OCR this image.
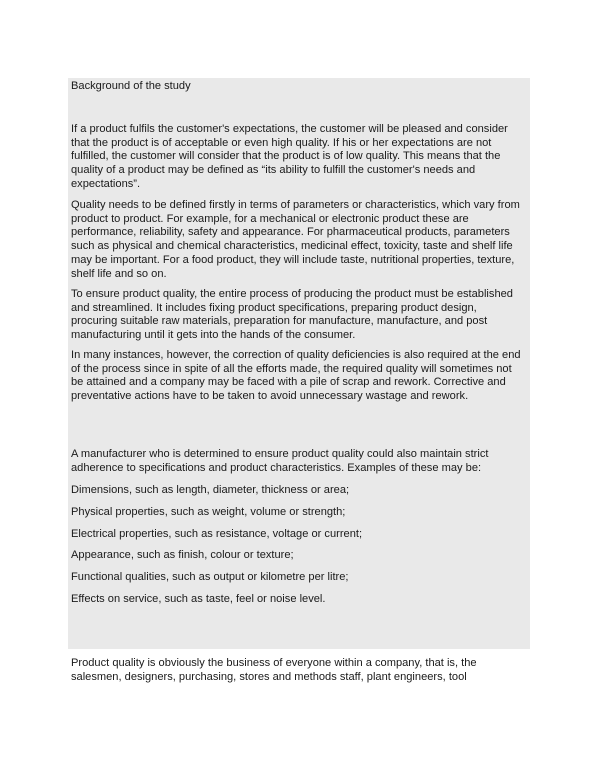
Background of the study

If a product fulfils the customer's expectations, the customer will be pleased and consider that the product is of acceptable or even high quality. If his or her expectations are not fulfilled, the customer will consider that the product is of low quality. This means that the quality of a product may be defined as “its ability to fulfill the customer's needs and expectations”.

Quality needs to be defined firstly in terms of parameters or characteristics, which vary from product to product. For example, for a mechanical or electronic product these are performance, reliability, safety and appearance. For pharmaceutical products, parameters such as physical and chemical characteristics, medicinal effect, toxicity, taste and shelf life may be important. For a food product, they will include taste, nutritional properties, texture, shelf life and so on.

To ensure product quality, the entire process of producing the product must be established and streamlined. It includes fixing product specifications, preparing product design, procuring suitable raw materials, preparation for manufacture, manufacture, and post manufacturing until it gets into the hands of the consumer.

In many instances, however, the correction of quality deficiencies is also required at the end of the process since in spite of all the efforts made, the required quality will sometimes not be attained and a company may be faced with a pile of scrap and rework. Corrective and preventative actions have to be taken to avoid unnecessary wastage and rework.

A manufacturer who is determined to ensure product quality could also maintain strict adherence to specifications and product characteristics. Examples of these may be:

Dimensions, such as length, diameter, thickness or area;
Physical properties, such as weight, volume or strength;
Electrical properties, such as resistance, voltage or current;
Appearance, such as finish, colour or texture;
Functional qualities, such as output or kilometre per litre;
Effects on service, such as taste, feel or noise level.

Product quality is obviously the business of everyone within a company, that is, the salesmen, designers, purchasing, stores and methods staff, plant engineers, tool
